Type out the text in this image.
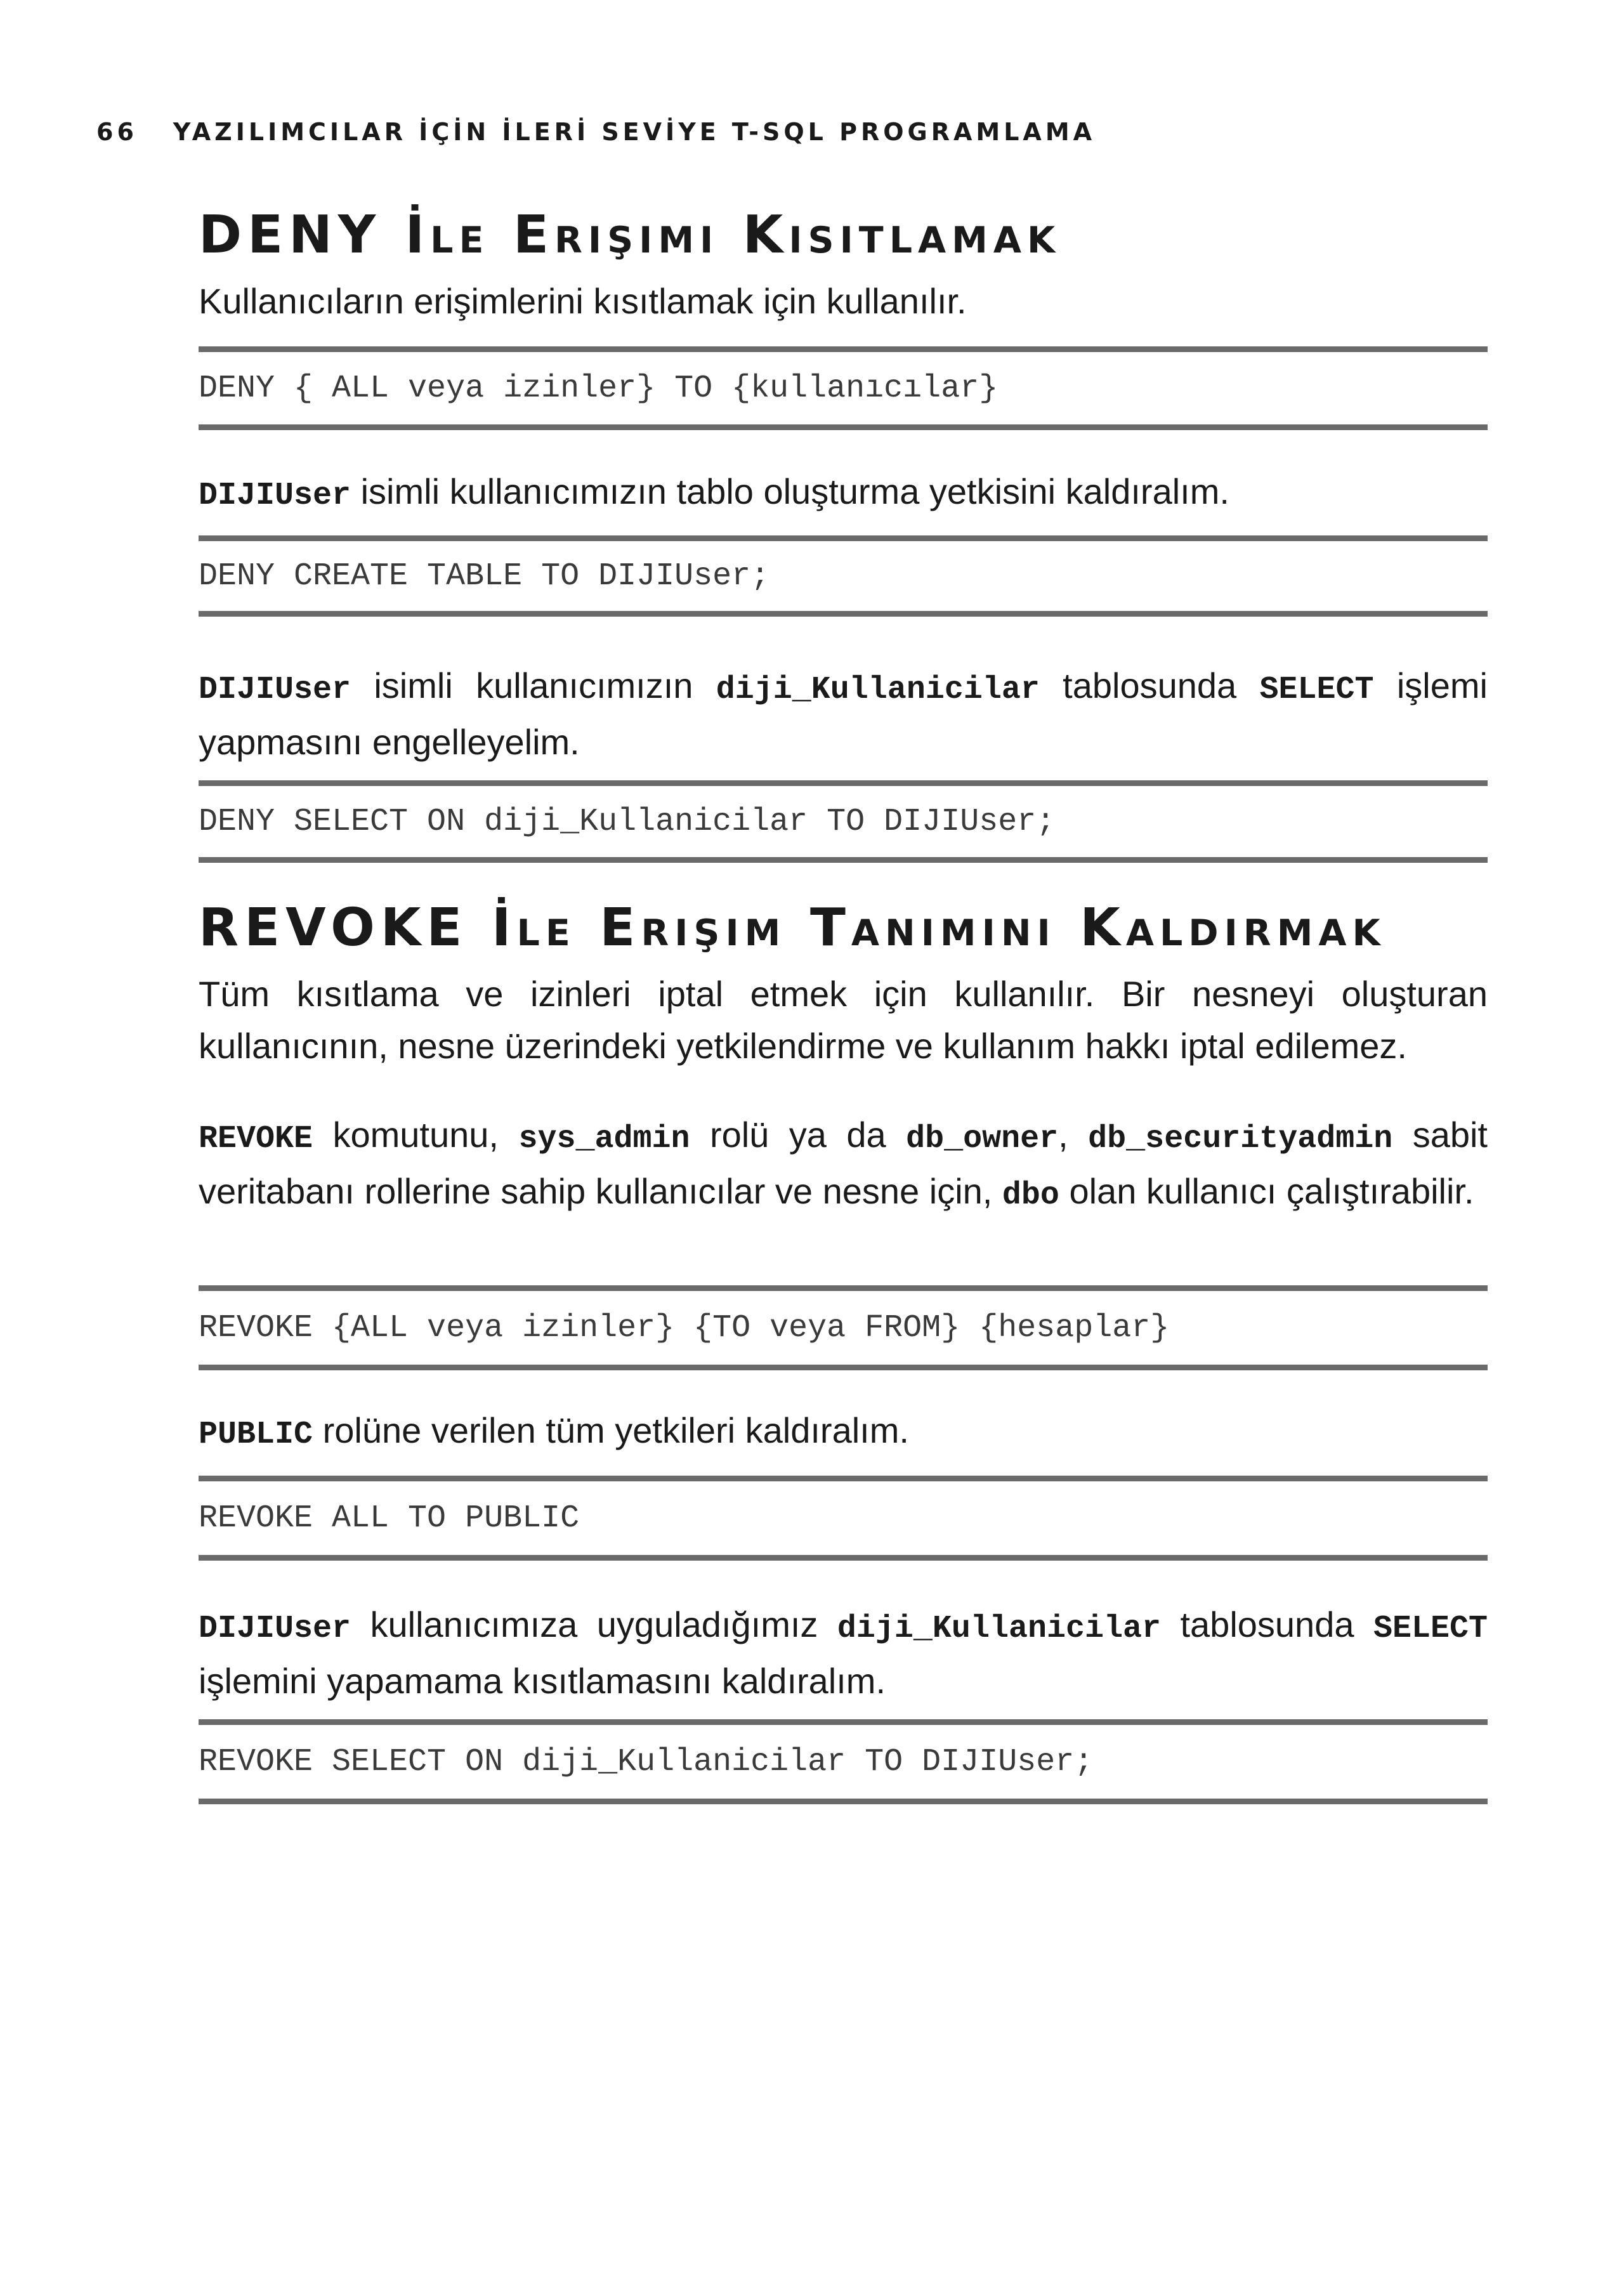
66 YAZILIMCILAR İÇİN İLERİ SEVİYE T-SQL PROGRAMLAMA
DENY İle Erişimi Kısıtlamak

Kullanıcıların erişimlerini kısıtlamak için kullanılır.

DENY { ALL veya izinler} TO {kullanıcılar}

DIJIUser isimli kullanıcımızın tablo oluşturma yetkisini kaldıralım.

DENY CREATE TABLE TO DIJIUser;

DIJIUser isimli kullanıcımızın diji_Kullanicilar tablosunda SELECT işlemi yapmasını engelleyelim.

DENY SELECT ON diji_Kullanicilar TO DIJIUser;
REVOKE İle Erişim Tanımını Kaldırmak

Tüm kısıtlama ve izinleri iptal etmek için kullanılır. Bir nesneyi oluşturan kullanıcının, nesne üzerindeki yetkilendirme ve kullanım hakkı iptal edilemez.

REVOKE komutunu, sys_admin rolü ya da db_owner, db_securityadmin sabit veritabanı rollerine sahip kullanıcılar ve nesne için, dbo olan kullanıcı çalıştırabilir.

REVOKE {ALL veya izinler} {TO veya FROM} {hesaplar}

PUBLIC rolüne verilen tüm yetkileri kaldıralım.

REVOKE ALL TO PUBLIC

DIJIUser kullanıcımıza uyguladığımız diji_Kullanicilar tablosunda SELECT işlemini yapamama kısıtlamasını kaldıralım.

REVOKE SELECT ON diji_Kullanicilar TO DIJIUser;
